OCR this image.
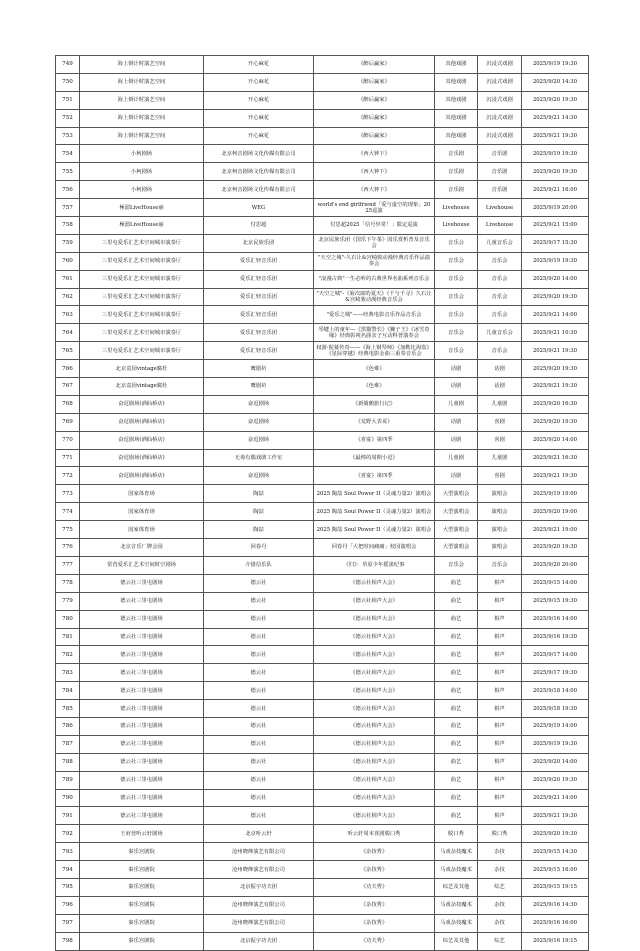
749	海上倒计时演艺空间	开心麻花	《醉后赢家》	其他戏剧	沉浸式戏剧	2025/9/19 19:30
750	海上倒计时演艺空间	开心麻花	《醉后赢家》	其他戏剧	沉浸式戏剧	2025/9/20 14:30
751	海上倒计时演艺空间	开心麻花	《醉后赢家》	其他戏剧	沉浸式戏剧	2025/9/20 19:30
752	海上倒计时演艺空间	开心麻花	《醉后赢家》	其他戏剧	沉浸式戏剧	2025/9/21 14:30
753	海上倒计时演艺空间	开心麻花	《醉后赢家》	其他戏剧	沉浸式戏剧	2025/9/21 19:30
754	小柯剧场	北京柯音剧场文化传媒有限公司	《西大钟下》	音乐剧	音乐剧	2025/9/19 19:30
755	小柯剧场	北京柯音剧场文化传媒有限公司	《西大钟下》	音乐剧	音乐剧	2025/9/20 19:30
756	小柯剧场	北京柯音剧场文化传媒有限公司	《西大钟下》	音乐剧	音乐剧	2025/9/21 16:00
757	極溜LiveHouse丽	WEG	world's end girlfriend「爱与虚空的现象」2025巡演	Livehouse	Livehouse	2025/9/19 20:00
758	極溜LiveHouse丽	付思超	付思超2025「信号异常！」限定巡演	Livehouse	Livehouse	2025/9/21 15:00
759	三里屯爱乐汇艺术空间城市演奏厅	北京民族乐团	北京民族乐团《国乐下午茶》国乐赏析普及音乐会	音乐会	儿童音乐会	2025/9/17 15:30
760	三里屯爱乐汇艺术空间城市演奏厅	爱乐汇轻音乐团	"天空之城"-久石让&宫崎骏动漫经典音乐作品演奏会	音乐会	音乐会	2025/9/19 19:30
761	三里屯爱乐汇艺术空间城市演奏厅	爱乐汇轻音乐团	"浪漫古典"一生必听的古典世界名曲系列音乐会	音乐会	音乐会	2025/9/20 14:00
762	三里屯爱乐汇艺术空间城市演奏厅	爱乐汇轻音乐团	"天空之城"-《菊次郎的夏天》《千与千寻》久石让&宫崎骏动漫经典音乐会	音乐会	音乐会	2025/9/20 19:30
763	三里屯爱乐汇艺术空间城市演奏厅	爱乐汇轻音乐团	"爱乐之城"——经典电影音乐作品音乐会	音乐会	音乐会	2025/9/21 14:00
764	三里屯爱乐汇艺术空间城市演奏厅	爱乐汇轻音乐团	琴键上的童年—《黑猫警长》《狮子王》《冰雪奇缘》经典影视名曲亲子互动科普演奏会	音乐会	儿童音乐会	2025/9/21 10:30
765	三里屯爱乐汇艺术空间城市演奏厅	爱乐汇轻音乐团	权游·猩幕传奇——《海上钢琴师》《加勒比海盗》《星际穿越》经典电影金曲三重奏音乐会	音乐会	音乐会	2025/9/21 19:30
766	北京袁园vintage腐杜	鹰剧坊	《色难》	话剧	话剧	2025/9/20 19:30
767	北京袁园vintage腐杜	鹰剧坊	《色难》	话剧	话剧	2025/9/21 19:30
768	奋逗剧场(酒仙桥店)	奋逗剧场	《新骑鹅旅行记》	儿童剧	儿童剧	2025/9/20 16:30
769	奋逗剧场(酒仙桥店)	奋逗剧场	《荒野大表哥》	话剧	喜剧	2025/9/20 19:30
770	奋逗剧场(酒仙桥店)	奋逗剧场	《喜宴》第四季	话剧	喜剧	2025/9/20 14:00
771	奋逗剧场(酒仙桥店)	无毒有偶戏剧工作室	《最棒的周期小逗》	儿童剧	儿童剧	2025/9/21 16:30
772	奋逗剧场(酒仙桥店)	奋逗剧场	《喜宴》第四季	话剧	喜剧	2025/9/21 19:30
773	国家体育场	陶喆	2025 陶喆 Soul Power II（灵魂力量2）演唱会	大型演唱会	演唱会	2025/9/19 19:00
774	国家体育场	陶喆	2025 陶喆 Soul Power II（灵魂力量2）演唱会	大型演唱会	演唱会	2025/9/20 19:00
775	国家体育场	陶喆	2025 陶喆 Soul Power II（灵魂力量2）演唱会	大型演唱会	演唱会	2025/9/21 19:00
776	北京音乐厂牌会园	回春丹	回春丹「大把时间痛痛」校园演唱会	大型演唱会	演唱会	2025/9/20 19:30
777	常营爱乐汇艺术空间时空剧场	介错信乐队	《归》：草原少年摇滚纪事	音乐会	音乐会	2025/9/20 20:00
778	德云社三里屯剧场	德云社	《德云社相声大会》	曲艺	相声	2025/9/15 14:00
779	德云社三里屯剧场	德云社	《德云社相声大会》	曲艺	相声	2025/9/15 19:30
780	德云社三里屯剧场	德云社	《德云社相声大会》	曲艺	相声	2025/9/16 14:00
781	德云社三里屯剧场	德云社	《德云社相声大会》	曲艺	相声	2025/9/16 19:30
782	德云社三里屯剧场	德云社	《德云社相声大会》	曲艺	相声	2025/9/17 14:00
783	德云社三里屯剧场	德云社	《德云社相声大会》	曲艺	相声	2025/9/17 19:30
784	德云社三里屯剧场	德云社	《德云社相声大会》	曲艺	相声	2025/9/18 14:00
785	德云社三里屯剧场	德云社	《德云社相声大会》	曲艺	相声	2025/9/18 19:30
786	德云社三里屯剧场	德云社	《德云社相声大会》	曲艺	相声	2025/9/19 14:00
787	德云社三里屯剧场	德云社	《德云社相声大会》	曲艺	相声	2025/9/19 19:30
788	德云社三里屯剧场	德云社	《德云社相声大会》	曲艺	相声	2025/9/20 14:00
789	德云社三里屯剧场	德云社	《德云社相声大会》	曲艺	相声	2025/9/20 19:30
790	德云社三里屯剧场	德云社	《德云社相声大会》	曲艺	相声	2025/9/21 14:00
791	德云社三里屯剧场	德云社	《德云社相声大会》	曲艺	相声	2025/9/21 19:30
792	王府营听云轩剧场	北京听云轩	听云轩周末喜剧脱口秀	脱口秀	脱口秀	2025/9/20 19:30
793	秦乐宫剧院	沧州晓烽演艺有限公司	《杂技秀》	马戏杂技魔术	杂技	2025/9/15 14:30
794	秦乐宫剧院	沧州晓烽演艺有限公司	《杂技秀》	马戏杂技魔术	杂技	2025/9/15 16:00
795	秦乐宫剧院	北京振宇功夫团	《功夫秀》	综艺及其他	综艺	2025/9/15 19:15
796	秦乐宫剧院	沧州晓烽演艺有限公司	《杂技秀》	马戏杂技魔术	杂技	2025/9/16 14:30
797	秦乐宫剧院	沧州晓烽演艺有限公司	《杂技秀》	马戏杂技魔术	杂技	2025/9/16 16:00
798	秦乐宫剧院	北京振宇功夫团	《功夫秀》	综艺及其他	综艺	2025/9/16 19:15
